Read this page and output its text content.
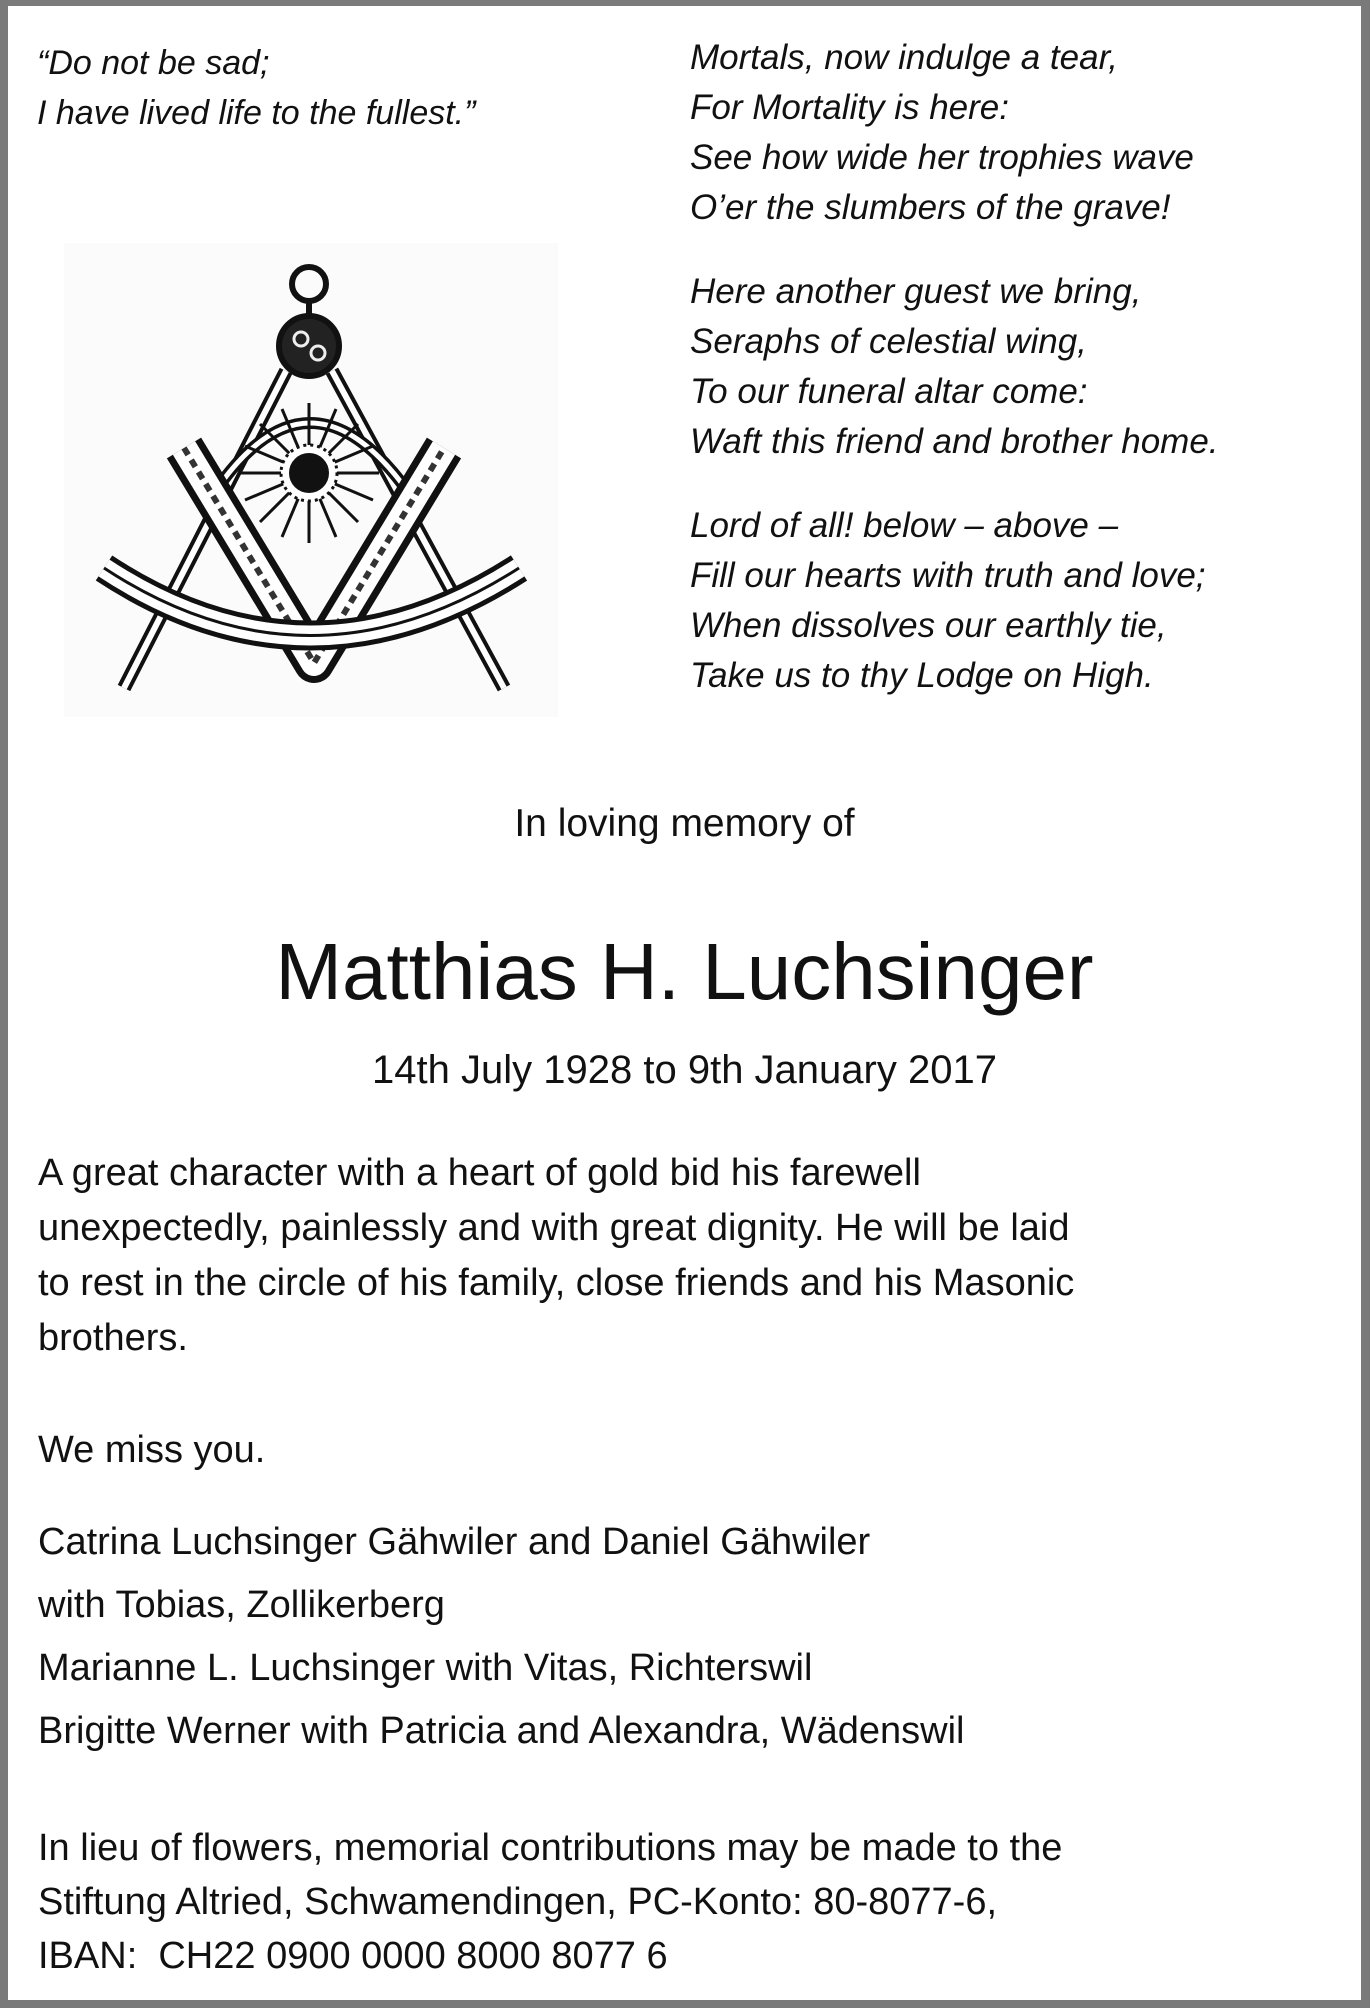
“Do not be sad;
I have lived life to the fullest.”
Mortals, now indulge a tear,
For Mortality is here:
See how wide her trophies wave
O’er the slumbers of the grave!
Here another guest we bring,
Seraphs of celestial wing,
To our funeral altar come:
Waft this friend and brother home.
Lord of all! below – above –
Fill our hearts with truth and love;
When dissolves our earthly tie,
Take us to thy Lodge on High.
In loving memory of
Matthias H. Luchsinger
14th July 1928 to 9th January 2017
A great character with a heart of gold bid his farewell
unexpectedly, painlessly and with great dignity. He will be laid
to rest in the circle of his family, close friends and his Masonic
brothers.
We miss you.
Catrina Luchsinger Gähwiler and Daniel Gähwiler
with Tobias, Zollikerberg
Marianne L. Luchsinger with Vitas, Richterswil
Brigitte Werner with Patricia and Alexandra, Wädenswil
In lieu of flowers, memorial contributions may be made to the
Stiftung Altried, Schwamendingen, PC-Konto: 80-8077-6,
IBAN:  CH22 0900 0000 8000 8077 6
